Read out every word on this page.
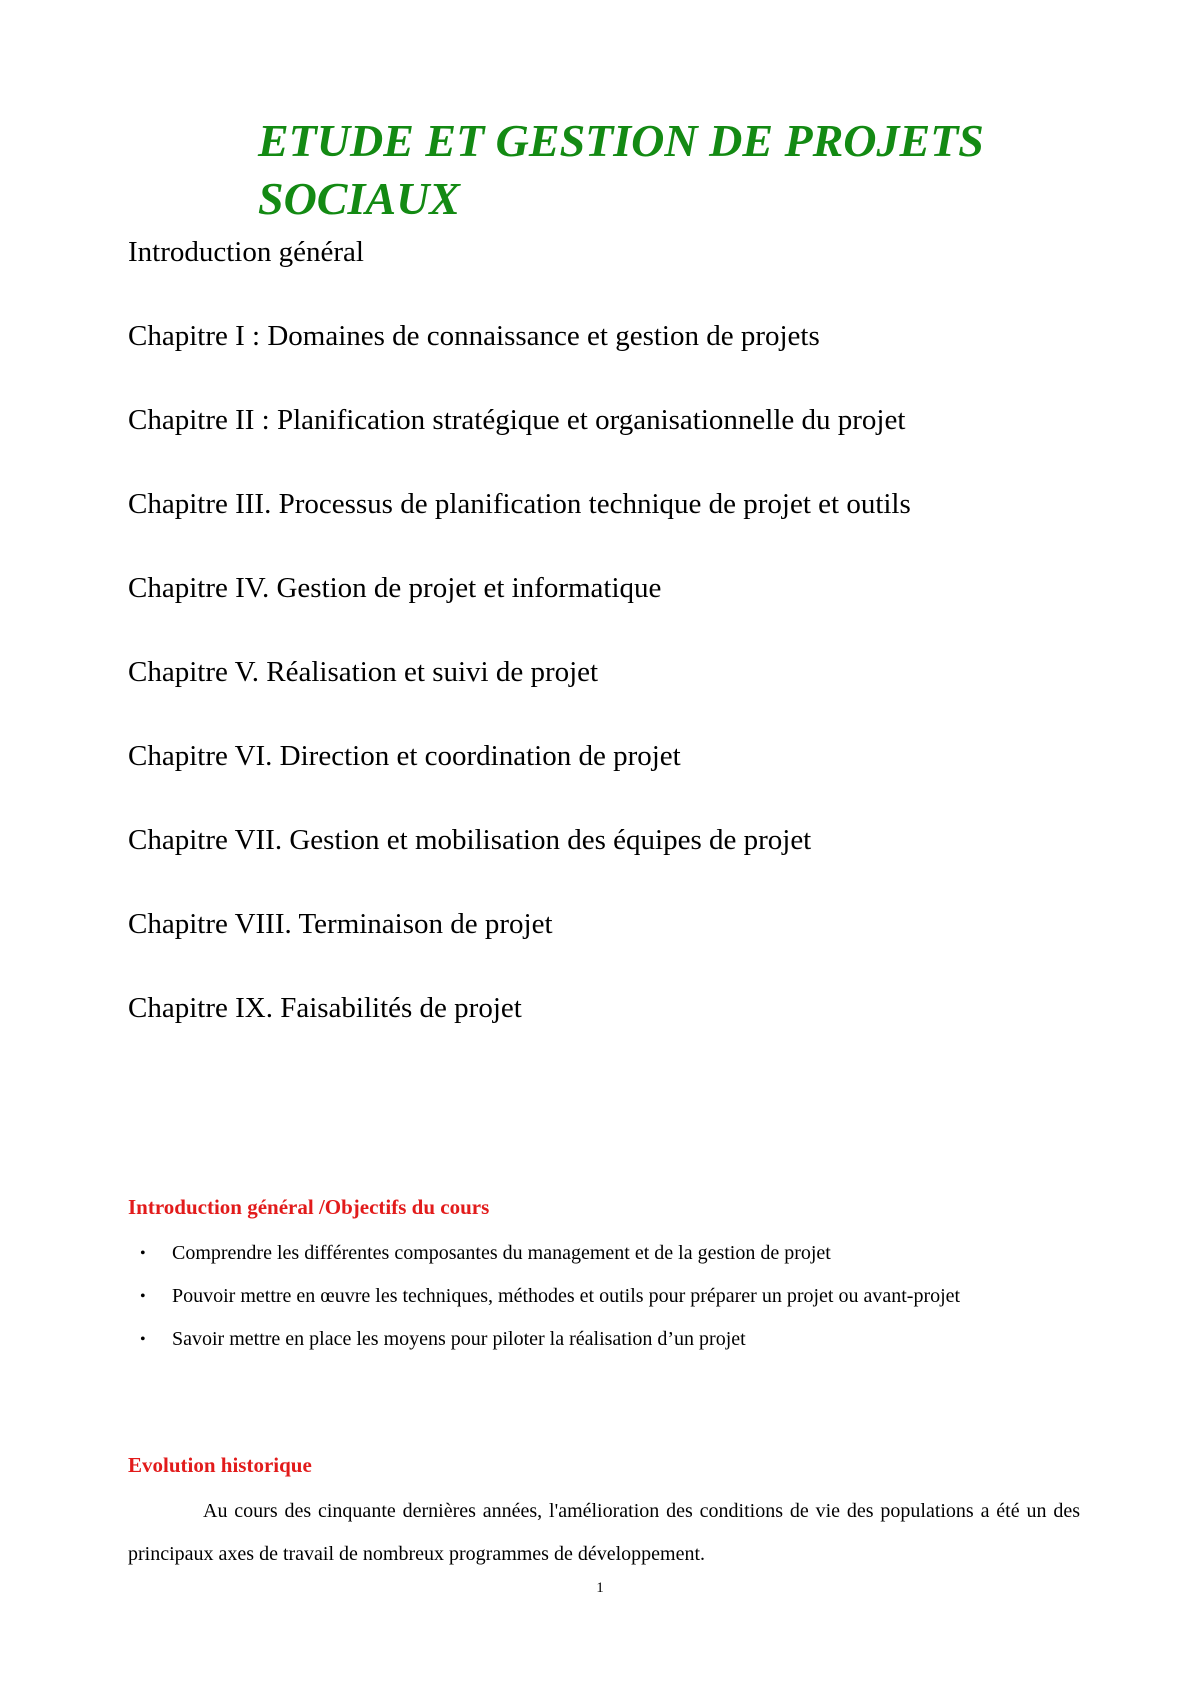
ETUDE ET GESTION DE PROJETS SOCIAUX
Introduction général
Chapitre I : Domaines de connaissance et gestion de projets
Chapitre II : Planification stratégique et organisationnelle du projet
Chapitre III. Processus de planification technique de projet et outils
Chapitre IV. Gestion de projet et informatique
Chapitre V. Réalisation et suivi de projet
Chapitre VI. Direction et coordination de projet
Chapitre VII. Gestion et mobilisation des équipes de projet
Chapitre VIII. Terminaison de projet
Chapitre IX. Faisabilités de projet
Introduction général /Objectifs du cours
• Comprendre les différentes composantes du management et de la gestion de projet
• Pouvoir mettre en œuvre les techniques, méthodes et outils pour préparer un projet ou avant-projet
• Savoir mettre en place les moyens pour piloter la réalisation d’un projet
Evolution historique

Au cours des cinquante dernières années, l'amélioration des conditions de vie des populations a été un des principaux axes de travail de nombreux programmes de développement.

1
